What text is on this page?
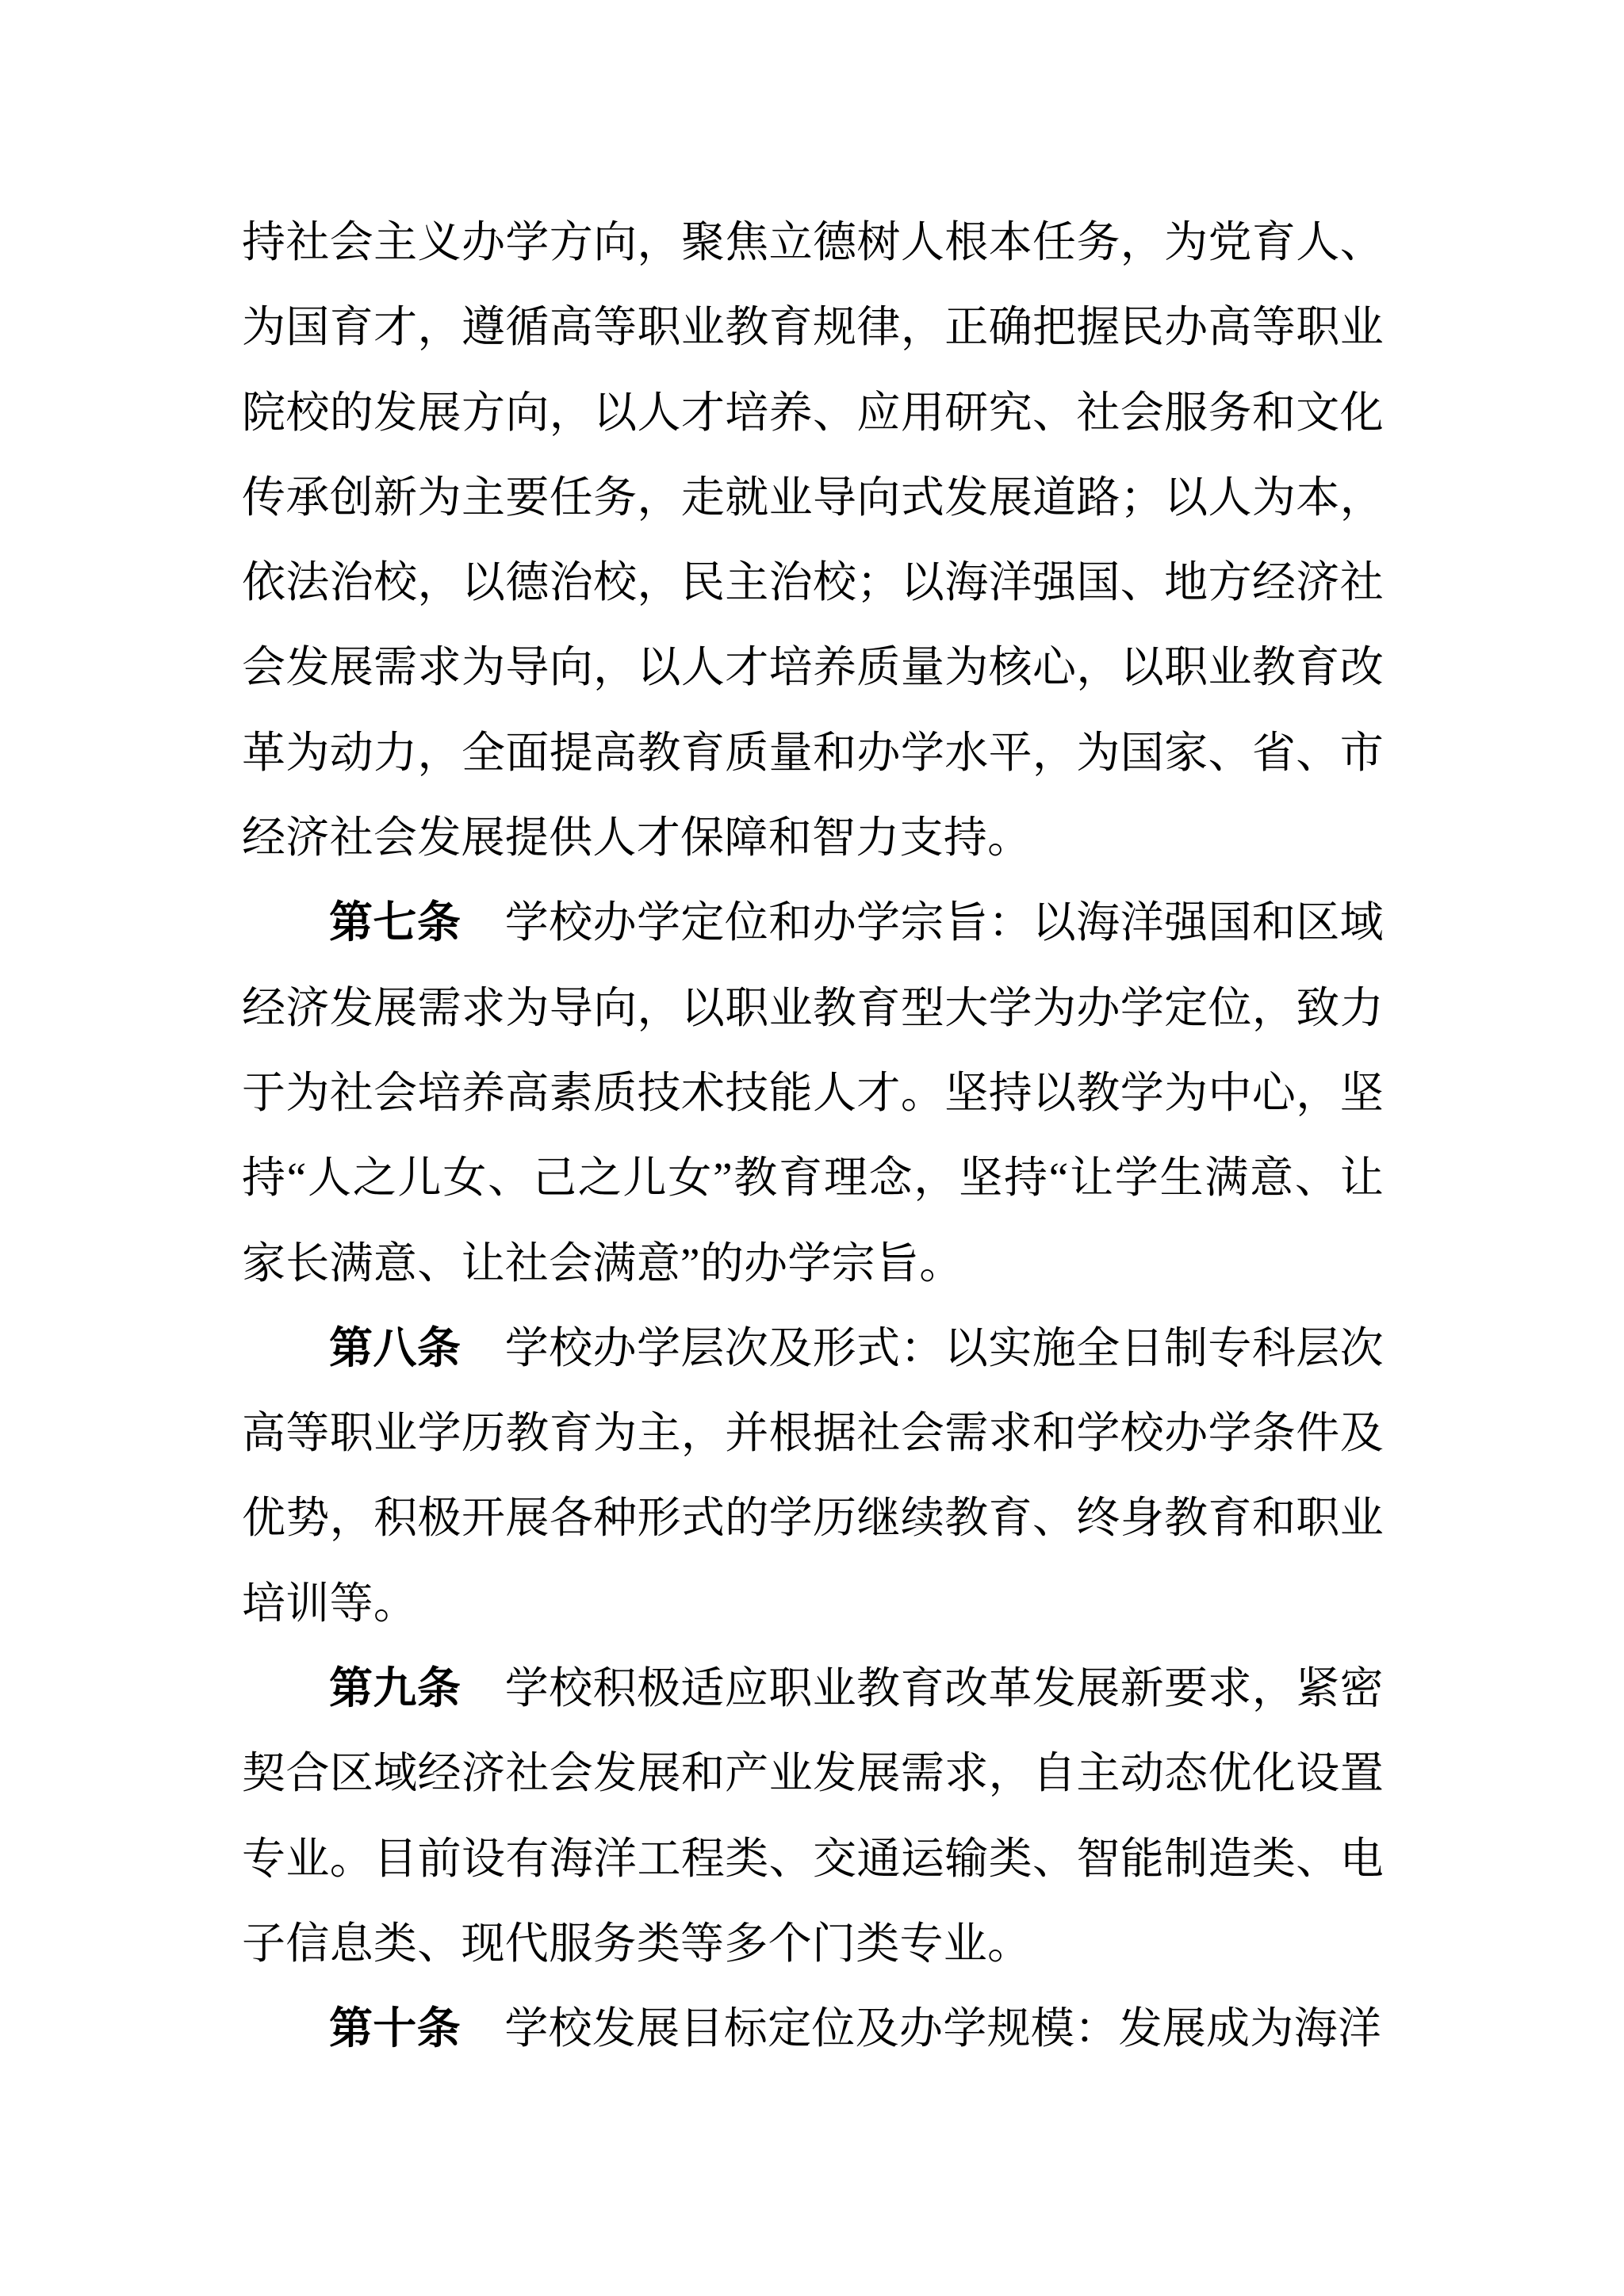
持社会主义办学方向，聚焦立德树人根本任务，为党育人、为国育才，遵循高等职业教育规律，正确把握民办高等职业院校的发展方向，以人才培养、应用研究、社会服务和文化传承创新为主要任务，走就业导向式发展道路；以人为本，依法治校，以德治校，民主治校；以海洋强国、地方经济社会发展需求为导向，以人才培养质量为核心，以职业教育改革为动力，全面提高教育质量和办学水平，为国家、省、市经济社会发展提供人才保障和智力支持。

第七条　学校办学定位和办学宗旨：以海洋强国和区域经济发展需求为导向，以职业教育型大学为办学定位，致力于为社会培养高素质技术技能人才。坚持以教学为中心，坚持“人之儿女、己之儿女”教育理念，坚持“让学生满意、让家长满意、让社会满意”的办学宗旨。

第八条　学校办学层次及形式：以实施全日制专科层次高等职业学历教育为主，并根据社会需求和学校办学条件及优势，积极开展各种形式的学历继续教育、终身教育和职业培训等。

第九条　学校积极适应职业教育改革发展新要求，紧密契合区域经济社会发展和产业发展需求，自主动态优化设置专业。目前设有海洋工程类、交通运输类、智能制造类、电子信息类、现代服务类等多个门类专业。

第十条　学校发展目标定位及办学规模：发展成为海洋
